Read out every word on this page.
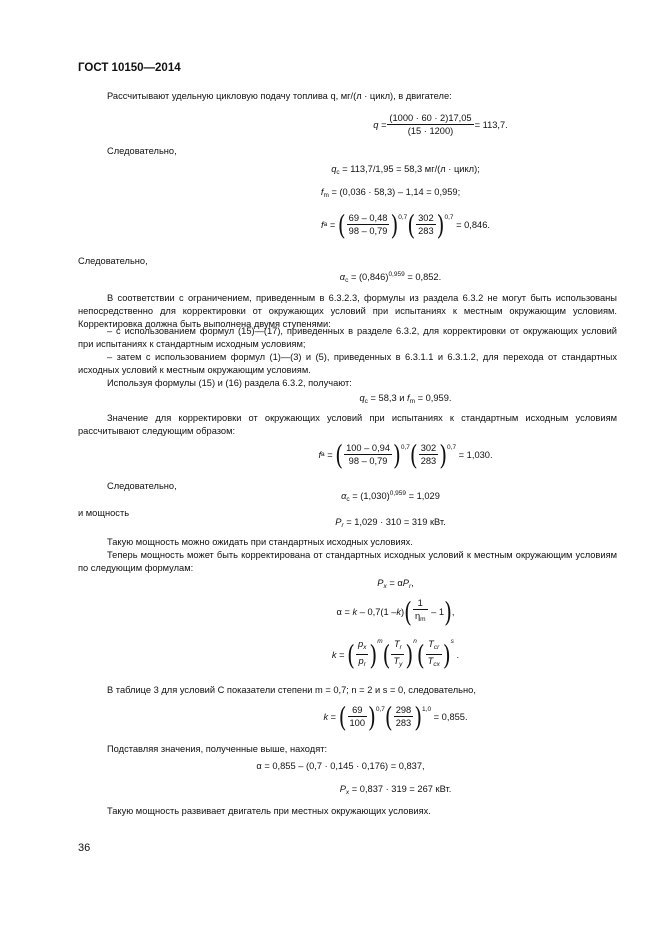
ГОСТ 10150—2014
Рассчитывают удельную цикловую подачу топлива q, мг/(л · цикл), в двигателе:
$q = \frac{(1000 \cdot 60 \cdot 2)17,05}{(15 \cdot 1200)} = 113,7$.
Следовательно,
$q_c = 113,7/1,95 = 58,3$ мг/(л · цикл);
$f_m = (0,036 \cdot 58,3) - 1,14 = 0,959$;
f a = ( $\frac{69 - 0,48}{98 - 0,79} )^{0,7}$ ( $\frac{302}{283} )^{0,7}$

= 0,846.
Следовательно,
$\alpha_c = (0,846)^{0,959} = 0,852$.
В соответствии с ограничением, приведенным в 6.3.2.3, формулы из раздела 6.3.2 не могут быть использованы непосредственно для корректировки от окружающих условий при испытаниях к местным окружающим условиям. Корректировка должна быть выполнена двумя ступенями:
– с использованием формул (15)—(17), приведенных в разделе 6.3.2, для корректировки от окружающих условий при испытаниях к стандартным исходным условиям;
– затем с использованием формул (1)—(3) и (5), приведенных в 6.3.1.1 и 6.3.1.2, для перехода от стандартных исходных условий к местным окружающим условиям.
Используя формулы (15) и (16) раздела 6.3.2, получают:
$q_c = 58,3$ и $f_m = 0,959$.
Значение для корректировки от окружающих условий при испытаниях к стандартным исходным условиям рассчитывают следующим образом:
f a = ( $\frac{100 - 0,94}{98 - 0,79} )^{0,7}$ ( $\frac{302}{283} )^{0,7}$

= 1,030.
Следовательно,
$\alpha_c = (1,030)^{0,959} = 1,029$
и мощность
$P_r = 1,029 \cdot 310 = 319$ кВт.
Такую мощность можно ожидать при стандартных исходных условиях.
Теперь мощность может быть корректирована от стандартных исходных условий к местным окружающим условиям по следующим формулам:
$P_x = \alpha P_r$,
α = k – 0,7(1 – k ) ( $\frac{1}{\eta_m}$
– 1 ) ,
k = ( $\frac{p_x}{p_r}$ ) $^m$ ( $\frac{T_r}{T_y}$ ) $^n$ ( $\frac{T_{cr}}{T_{cx}}$ ) $^s$

.
В таблице 3 для условий С показатели степени m = 0,7; n = 2 и s = 0, следовательно,
k = ( $\frac{69}{100} )^{0,7}$ ( $\frac{298}{283} )^{1,0}$

= 0,855.
Подставляя значения, полученные выше, находят:
α = 0,855 – (0,7 · 0,145 · 0,176) = 0,837,
$P_x = 0,837 \cdot 319 = 267$ кВт.
Такую мощность развивает двигатель при местных окружающих условиях.
36
